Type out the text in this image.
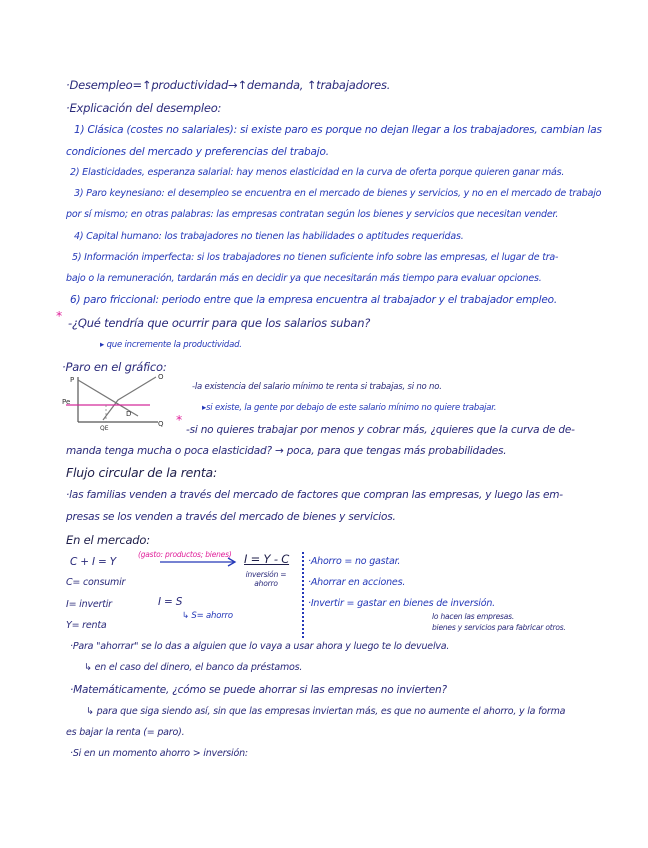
·Desempleo=↑productividad→↑demanda, ↑trabajadores.
·Explicación del desempleo:
1) Clásica (costes no salariales): si existe paro es porque no dejan llegar a los trabajadores, cambian las
condiciones del mercado y preferencias del trabajo.
2) Elasticidades, esperanza salarial: hay menos elasticidad en la curva de oferta porque quieren ganar más.
3) Paro keynesiano: el desempleo se encuentra en el mercado de bienes y servicios, y no en el mercado de trabajo
por sí mismo; en otras palabras: las empresas contratan según los bienes y servicios que necesitan vender.
4) Capital humano: los trabajadores no tienen las habilidades o aptitudes requeridas.
5) Información imperfecta: si los trabajadores no tienen suficiente info sobre las empresas, el lugar de tra-
bajo o la remuneración, tardarán más en decidir ya que necesitarán más tiempo para evaluar opciones.
6) paro friccional: periodo entre que la empresa encuentra al trabajador y el trabajador empleo.
* -¿Qué tendría que ocurrir para que los salarios suban?
▸ que incremente la productividad.
·Paro en el gráfico:
P
Pe
O
D
Q
QE
-la existencia del salario mínimo te renta si trabajas, si no no.
▸si existe, la gente por debajo de este salario mínimo no quiere trabajar.
*
-si no quieres trabajar por menos y cobrar más, ¿quieres que la curva de de-
manda tenga mucha o poca elasticidad? → poca, para que tengas más probabilidades.
Flujo circular de la renta:
·las familias venden a través del mercado de factores que compran las empresas, y luego las em-
presas se los venden a través del mercado de bienes y servicios.
En el mercado:
C + I = Y
(gasto: productos; bienes) I = Y - C
inversión = ahorro
C= consumir
I= invertir	I = S
↳ S= ahorro
Y= renta
·Ahorro = no gastar.
·Ahorrar en acciones.
·Invertir = gastar en bienes de inversión.
lo hacen las empresas.
bienes y servicios para fabricar otros.
·Para "ahorrar" se lo das a alguien que lo vaya a usar ahora y luego te lo devuelva.
↳ en el caso del dinero, el banco da préstamos.
·Matemáticamente, ¿cómo se puede ahorrar si las empresas no invierten?
↳ para que siga siendo así, sin que las empresas inviertan más, es que no aumente el ahorro, y la forma
es bajar la renta (= paro).
·Si en un momento ahorro > inversión:
